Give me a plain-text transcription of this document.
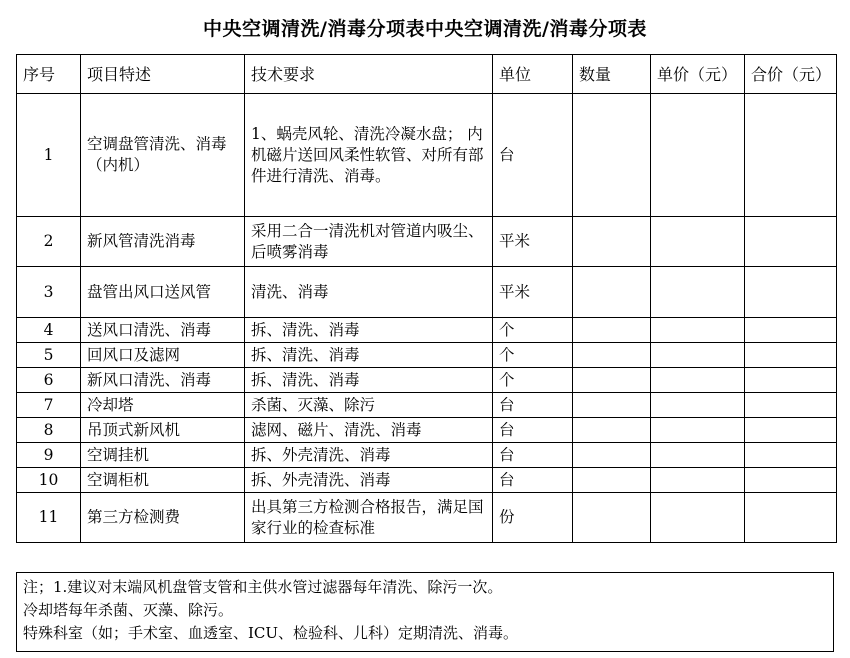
中央空调清洗/消毒分项表中央空调清洗/消毒分项表
序号	项目特述	技术要求	单位	数量	单价（元）	合价（元）
1	空调盘管清洗、消毒（内机）	1、蜗壳风轮、清洗冷凝水盘； 内机磁片送回风柔性软管、对所有部件进行清洗、消毒。	台			
2	新风管清洗消毒	采用二合一清洗机对管道内吸尘、后喷雾消毒	平米			
3	盘管出风口送风管	清洗、消毒	平米			
4	送风口清洗、消毒	拆、清洗、消毒	个			
5	回风口及滤网	拆、清洗、消毒	个			
6	新风口清洗、消毒	拆、清洗、消毒	个			
7	冷却塔	杀菌、灭藻、除污	台			
8	吊顶式新风机	滤网、磁片、清洗、消毒	台			
9	空调挂机	拆、外壳清洗、消毒	台			
10	空调柜机	拆、外壳清洗、消毒	台			
11	第三方检测费	出具第三方检测合格报告，满足国家行业的检查标准	份			
注；1.建议对末端风机盘管支管和主供水管过滤器每年清洗、除污一次。
冷却塔每年杀菌、灭藻、除污。
特殊科室（如；手术室、血透室、ICU、检验科、儿科）定期清洗、消毒。
